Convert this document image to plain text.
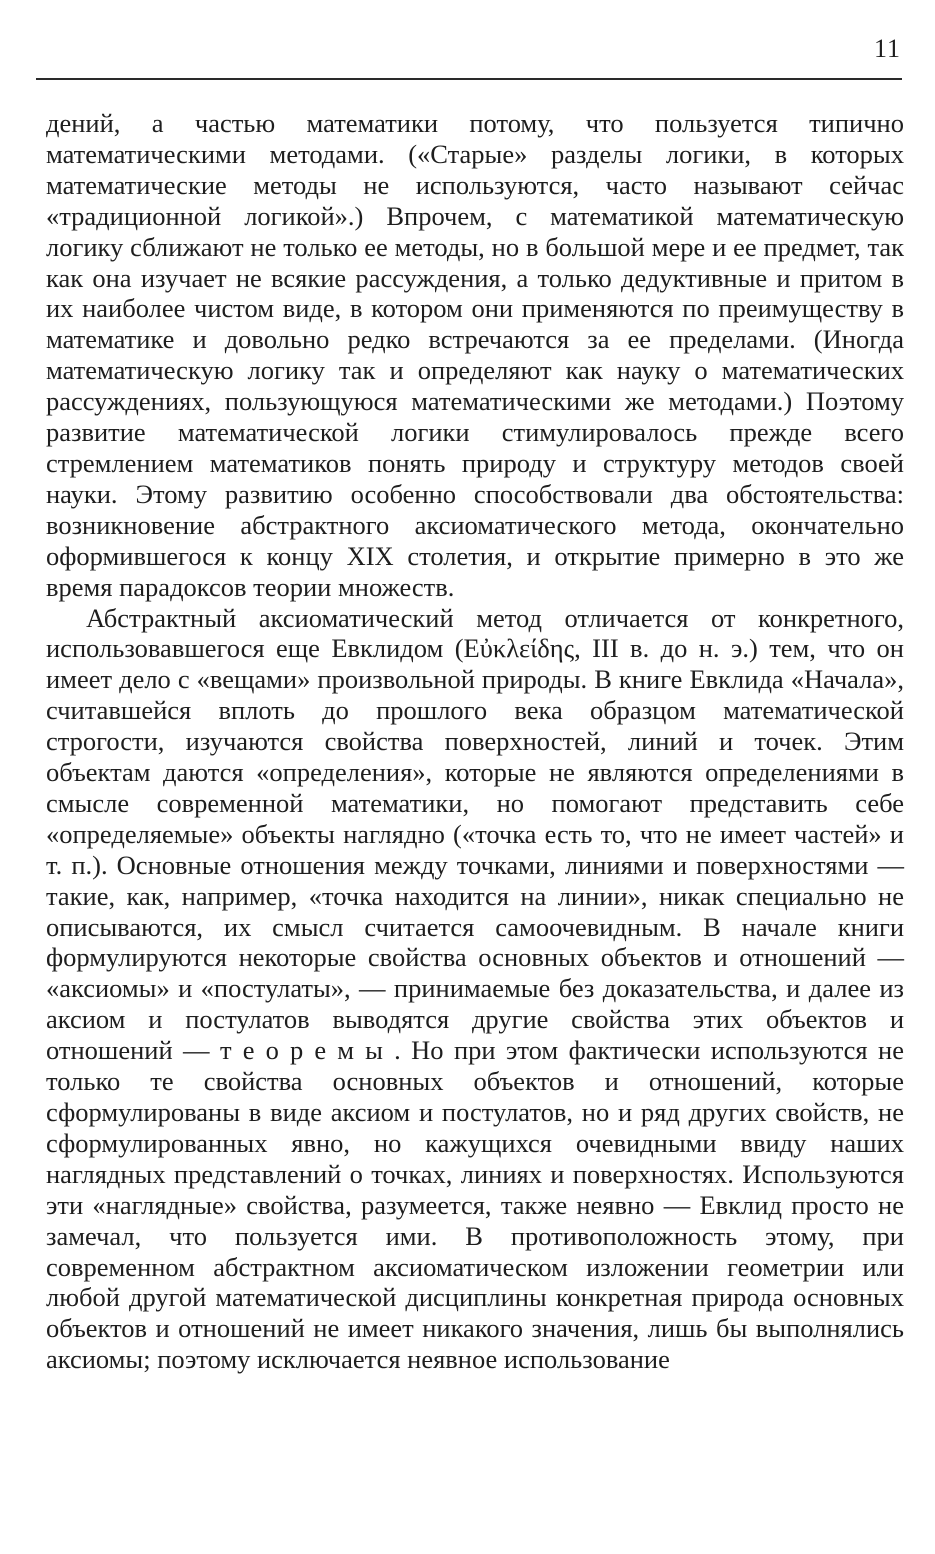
11

дений, а частью математики потому, что пользуется типично математическими методами. («Старые» разделы логики, в которых математические методы не используются, часто называют сейчас «традиционной логикой».) Впрочем, с математикой математическую логику сближают не только ее методы, но в большой мере и ее предмет, так как она изучает не всякие рассуждения, а только дедуктивные и притом в их наиболее чистом виде, в котором они применяются по преимуществу в математике и довольно редко встречаются за ее пределами. (Иногда математическую логику так и определяют как науку о математических рассуждениях, пользующуюся математическими же методами.) Поэтому развитие математической логики стимулировалось прежде всего стремлением математиков понять природу и структуру методов своей науки. Этому развитию особенно способствовали два обстоятельства: возникновение абстрактного аксиоматического метода, окончательно оформившегося к концу XIX столетия, и открытие примерно в это же время парадоксов теории множеств.

Абстрактный аксиоматический метод отличается от конкретного, использовавшегося еще Евклидом (Εὐκλείδης, III в. до н. э.) тем, что он имеет дело с «вещами» произвольной природы. В книге Евклида «Начала», считавшейся вплоть до прошлого века образцом математической строгости, изучаются свойства поверхностей, линий и точек. Этим объектам даются «определения», которые не являются определениями в смысле современной математики, но помогают представить себе «определяемые» объекты наглядно («точка есть то, что не имеет частей» и т. п.). Основные отношения между точками, линиями и поверхностями — такие, как, например, «точка находится на линии», никак специально не описываются, их смысл считается самоочевидным. В начале книги формулируются некоторые свойства основных объектов и отношений — «аксиомы» и «постулаты», — принимаемые без доказательства, и далее из аксиом и постулатов выводятся другие свойства этих объектов и отношений — теоремы. Но при этом фактически используются не только те свойства основных объектов и отношений, которые сформулированы в виде аксиом и постулатов, но и ряд других свойств, не сформулированных явно, но кажущихся очевидными ввиду наших наглядных представлений о точках, линиях и поверхностях. Используются эти «наглядные» свойства, разумеется, также неявно — Евклид просто не замечал, что пользуется ими. В противоположность этому, при современном абстрактном аксиоматическом изложении геометрии или любой другой математической дисциплины конкретная природа основных объектов и отношений не имеет никакого значения, лишь бы выполнялись аксиомы; поэтому исключается неявное использование
